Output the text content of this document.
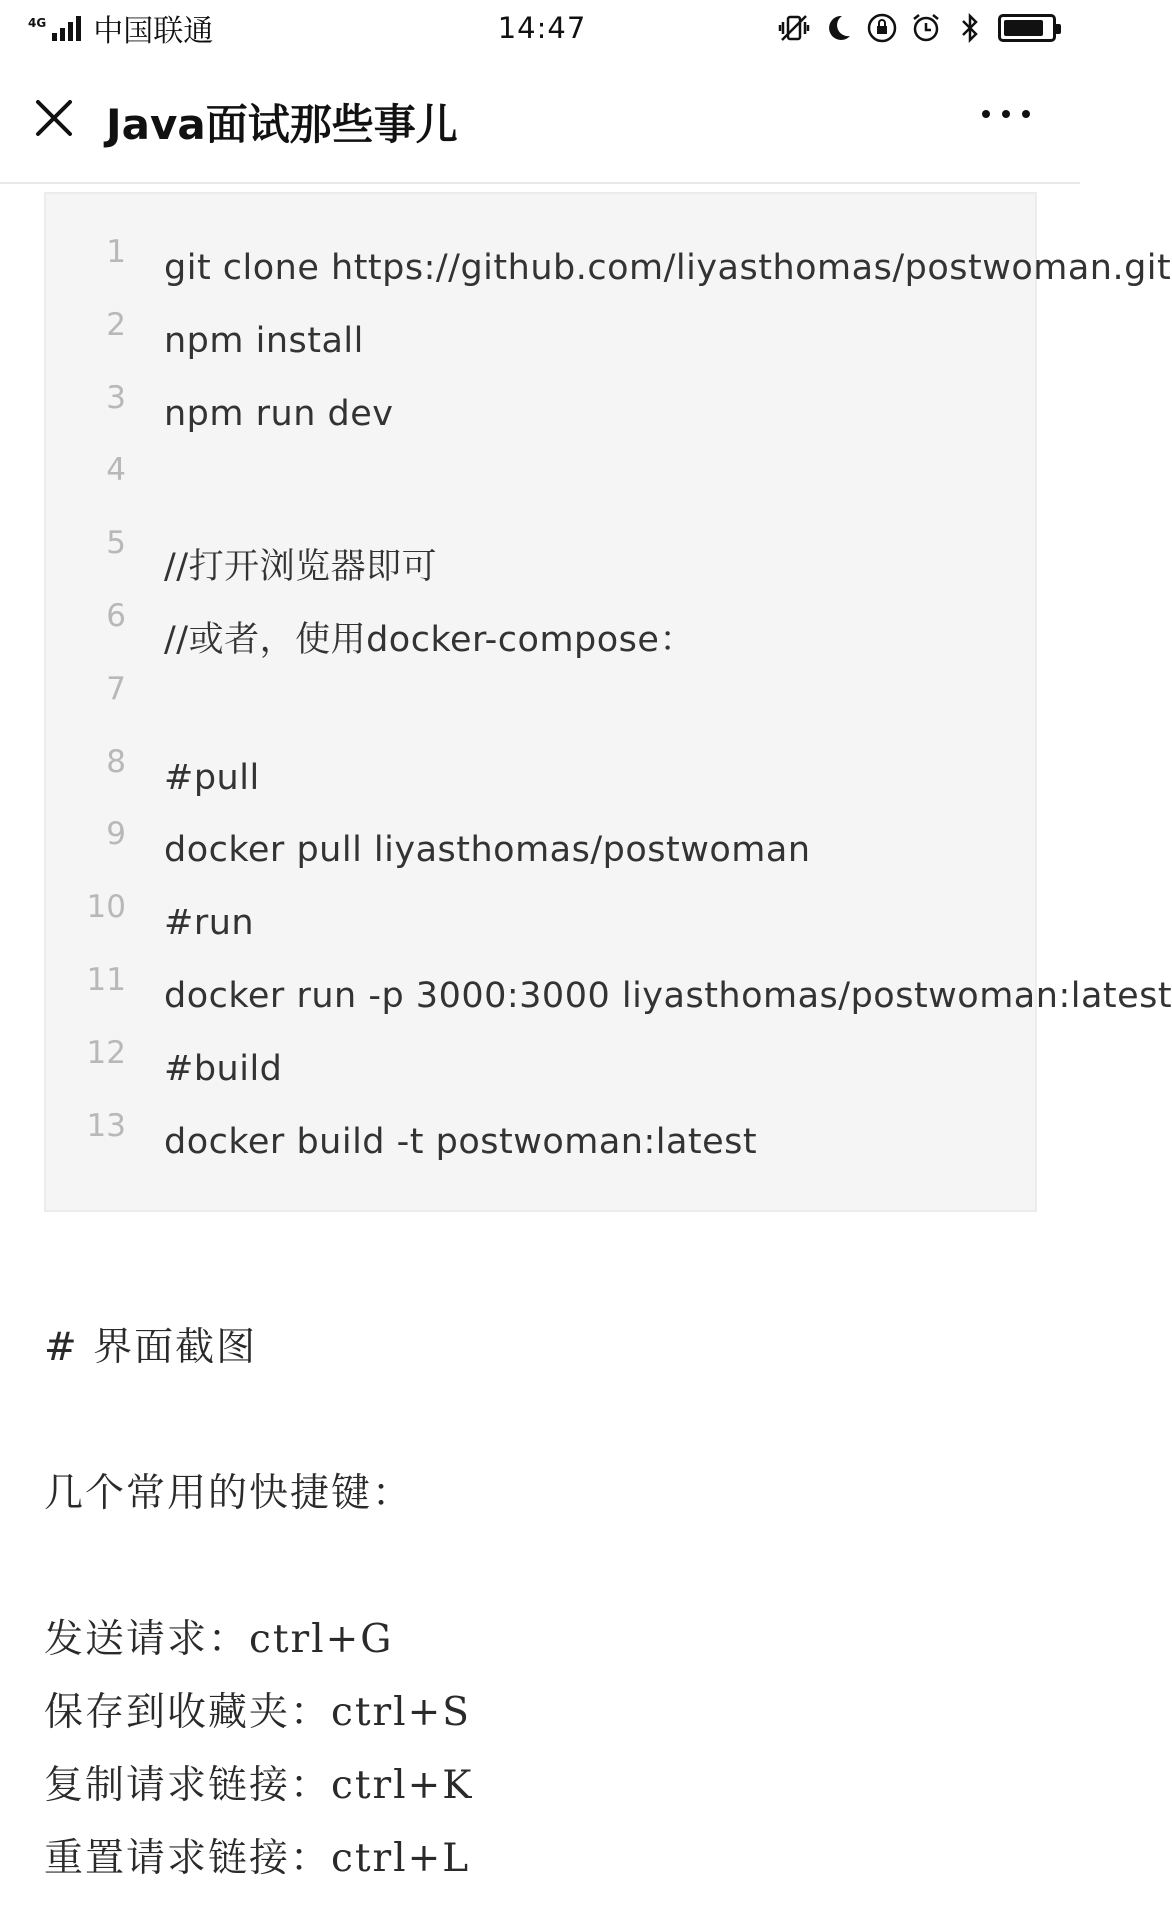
4G 中国联通	14:47
Java面试那些事儿
1 git clone https://github.com/liyasthomas/postwoman.git
2 npm install
3 npm run dev
4
5
//打开浏览器即可
6
//或者，使用docker-compose：
7
8 #pull
9 docker pull liyasthomas/postwoman
10 #run
11 docker run -p 3000:3000 liyasthomas/postwoman:latest
12 #build
13 docker build -t postwoman:latest
# 界面截图
几个常用的快捷键：
发送请求：ctrl+G
保存到收藏夹：ctrl+S
复制请求链接：ctrl+K
重置请求链接：ctrl+L
